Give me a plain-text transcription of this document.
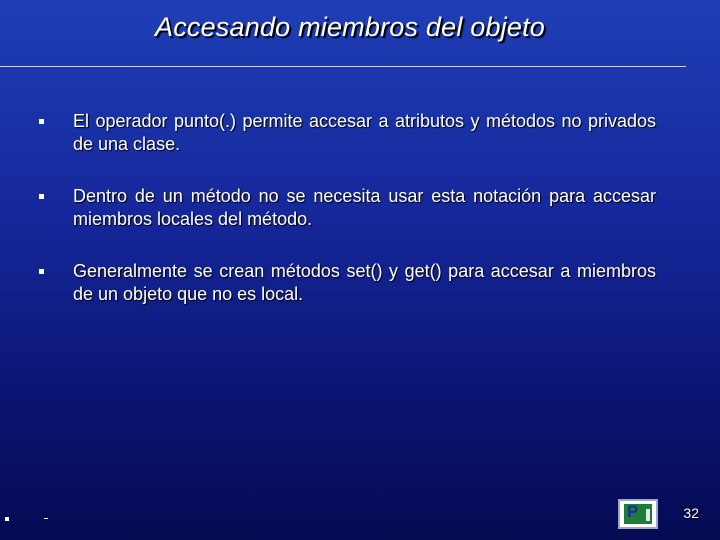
Accesando miembros del objeto
El operador punto(.) permite accesar a atributos y métodos no privados de una clase.
Dentro de un método no se necesita usar esta notación para accesar miembros locales del método.
Generalmente se crean métodos set() y get() para accesar a miembros de un objeto que no es local.
P	32
